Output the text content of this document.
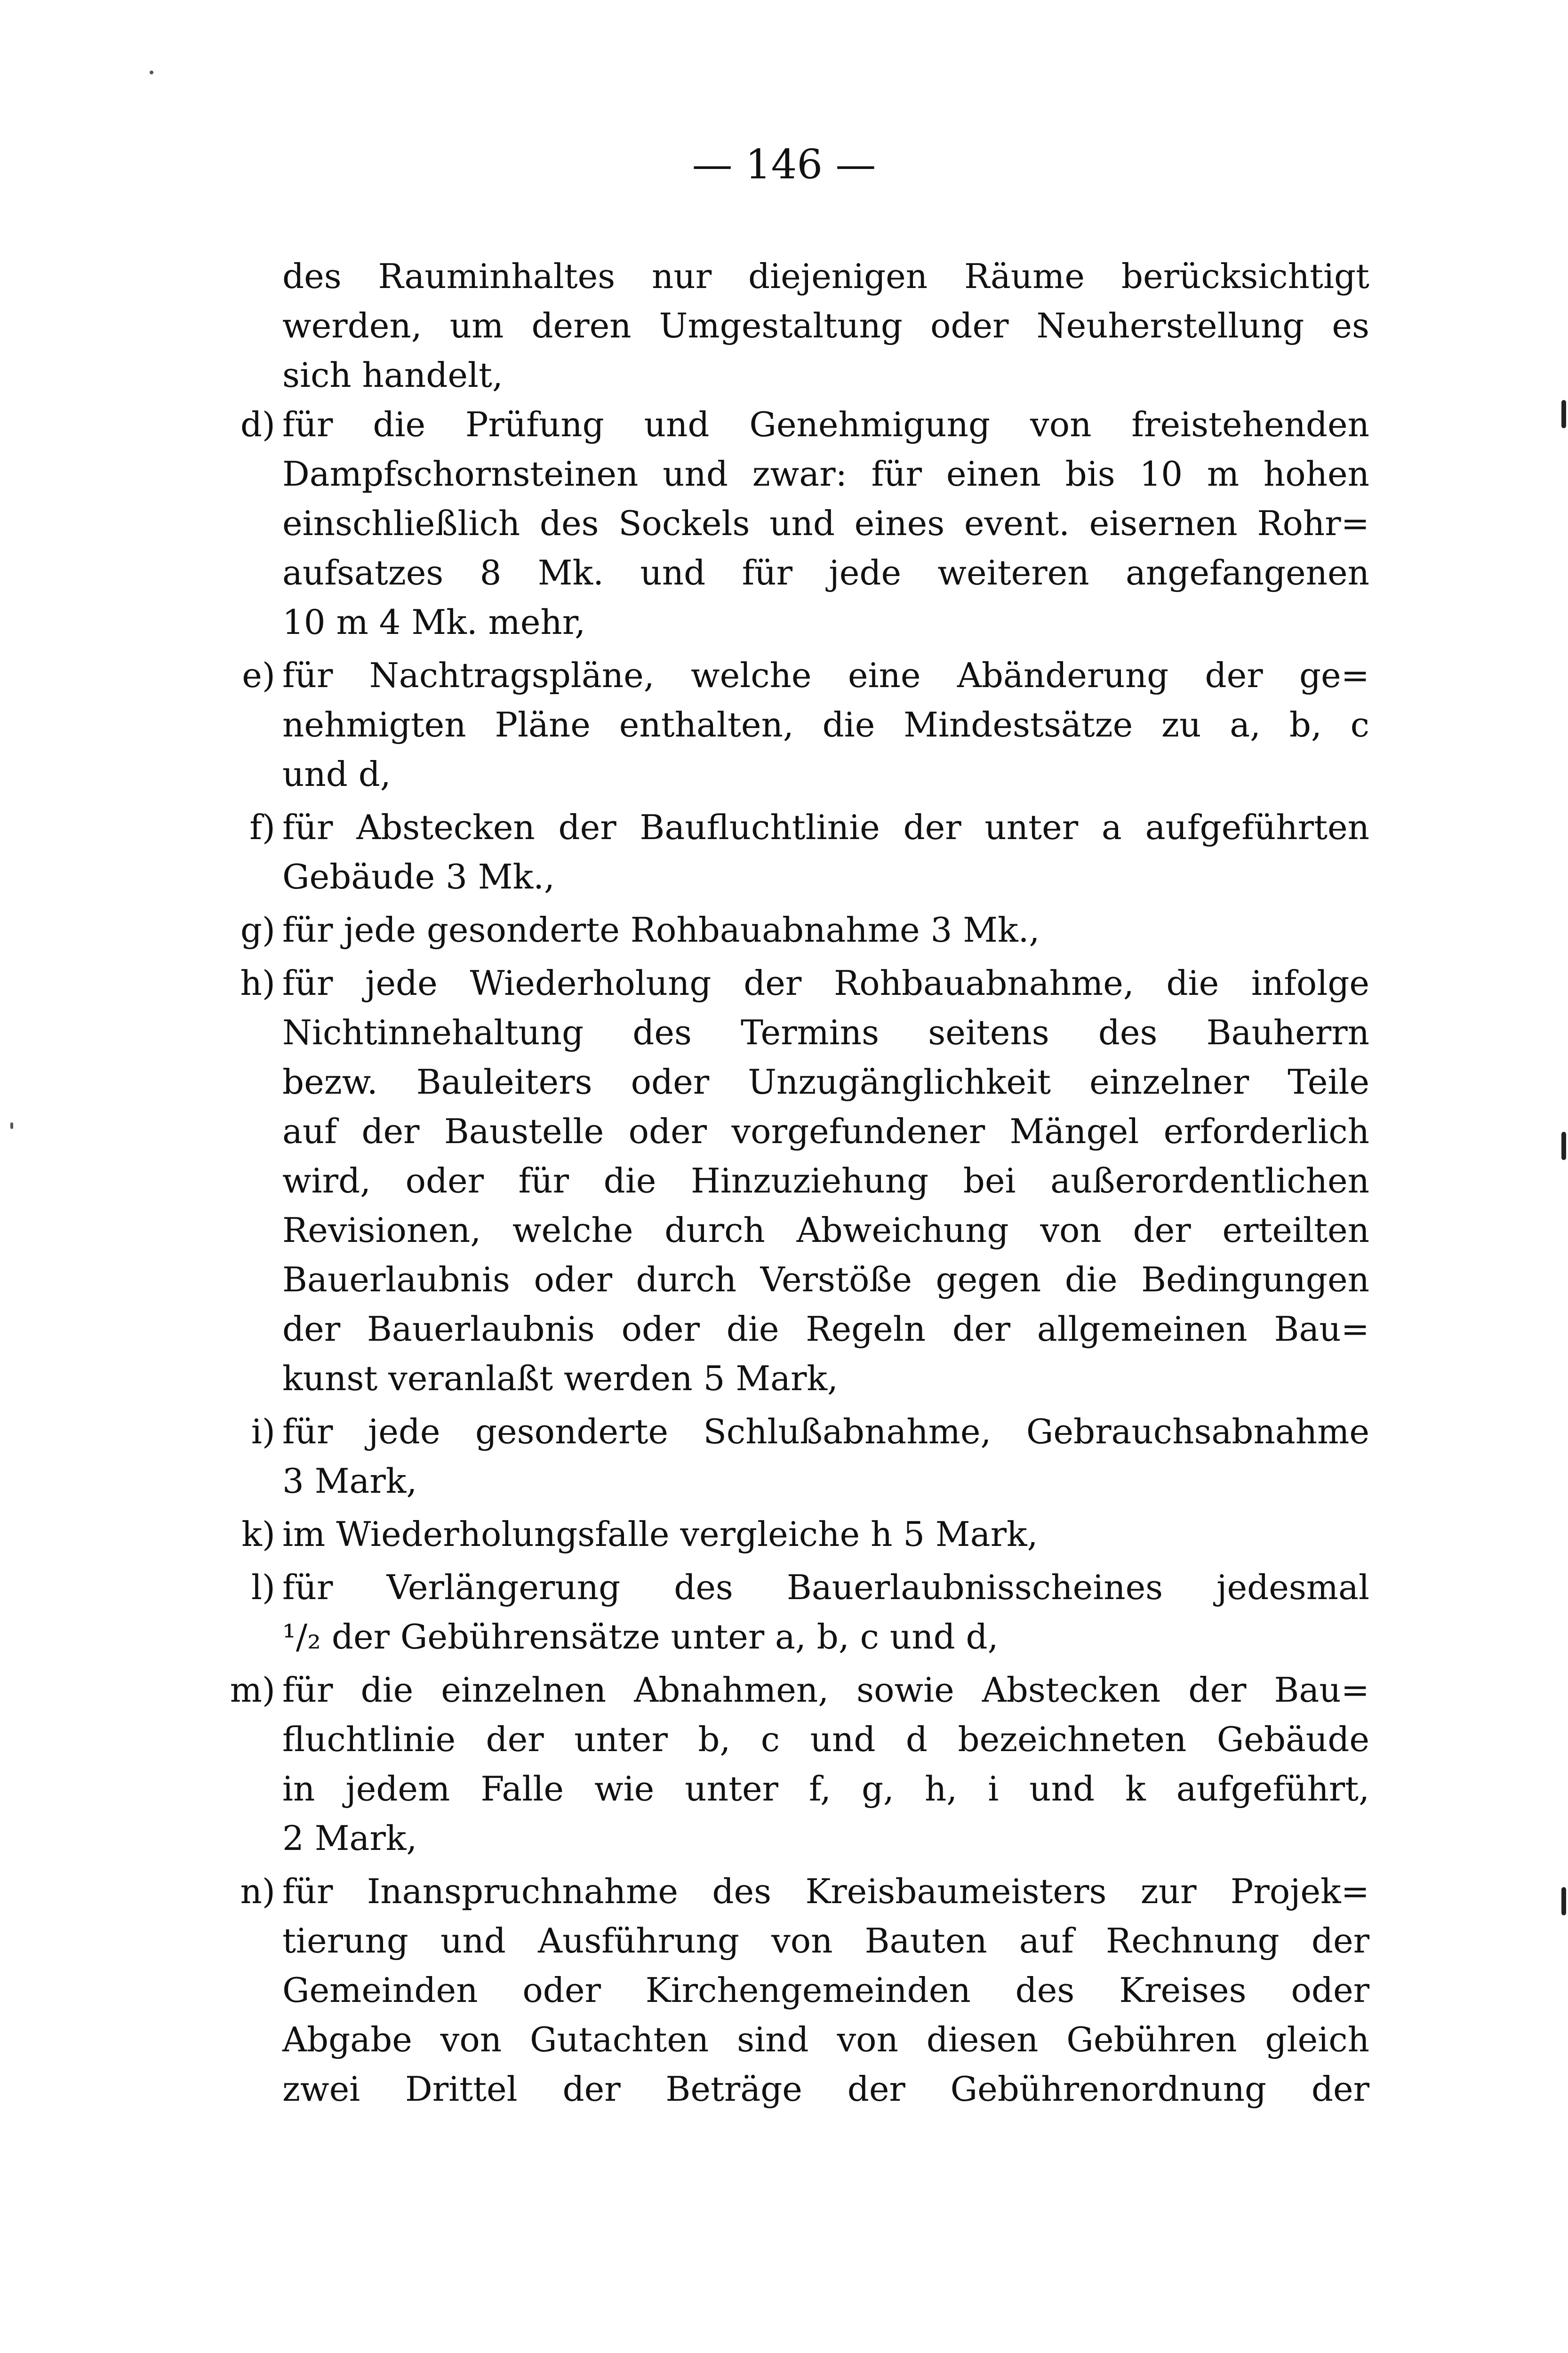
— 146 —
des Rauminhaltes nur diejenigen Räume berücksichtigt
werden, um deren Umgestaltung oder Neuherstellung es
sich handelt,
d) für die Prüfung und Genehmigung von freistehenden
Dampfschornsteinen und zwar: für einen bis 10 m hohen
einschließlich des Sockels und eines event. eisernen Rohr=
aufsatzes 8 Mk. und für jede weiteren angefangenen
10 m 4 Mk. mehr,
e) für Nachtragspläne, welche eine Abänderung der ge=
nehmigten Pläne enthalten, die Mindestsätze zu a, b, c
und d,
f) für Abstecken der Baufluchtlinie der unter a aufgeführten
Gebäude 3 Mk.,
g) für jede gesonderte Rohbauabnahme 3 Mk.,
h) für jede Wiederholung der Rohbauabnahme, die infolge
Nichtinnehaltung des Termins seitens des Bauherrn
bezw. Bauleiters oder Unzugänglichkeit einzelner Teile
auf der Baustelle oder vorgefundener Mängel erforderlich
wird, oder für die Hinzuziehung bei außerordentlichen
Revisionen, welche durch Abweichung von der erteilten
Bauerlaubnis oder durch Verstöße gegen die Bedingungen
der Bauerlaubnis oder die Regeln der allgemeinen Bau=
kunst veranlaßt werden 5 Mark,
i) für jede gesonderte Schlußabnahme, Gebrauchsabnahme
3 Mark,
k) im Wiederholungsfalle vergleiche h 5 Mark,
l) für Verlängerung des Bauerlaubnisscheines jedesmal
¹/₂ der Gebührensätze unter a, b, c und d,
m) für die einzelnen Abnahmen, sowie Abstecken der Bau=
fluchtlinie der unter b, c und d bezeichneten Gebäude
in jedem Falle wie unter f, g, h, i und k aufgeführt,
2 Mark,
n) für Inanspruchnahme des Kreisbaumeisters zur Projek=
tierung und Ausführung von Bauten auf Rechnung der
Gemeinden oder Kirchengemeinden des Kreises oder
Abgabe von Gutachten sind von diesen Gebühren gleich
zwei Drittel der Beträge der Gebührenordnung der
